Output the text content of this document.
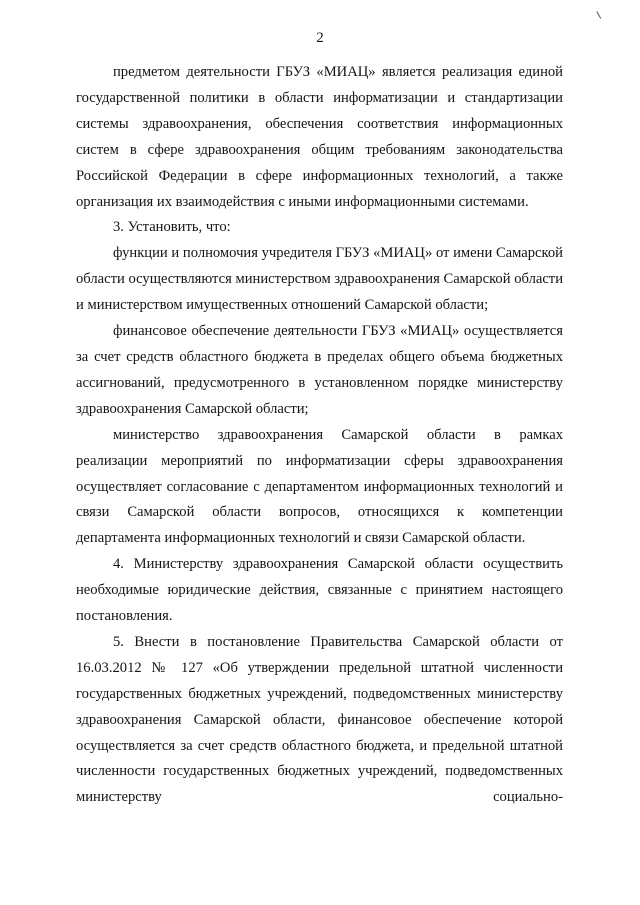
2

предметом деятельности ГБУЗ «МИАЦ» является реализация единой государственной политики в области информатизации и стандартизации системы здравоохранения, обеспечения соответствия информационных систем в сфере здравоохранения общим требованиям законодательства Российской Федерации в сфере информационных технологий, а также организация их взаимодействия с иными информационными системами.

3. Установить, что:

функции и полномочия учредителя ГБУЗ «МИАЦ» от имени Самарской области осуществляются министерством здравоохранения Самарской области и министерством имущественных отношений Самарской области;

финансовое обеспечение деятельности ГБУЗ «МИАЦ» осуществляется за счет средств областного бюджета в пределах общего объема бюджетных ассигнований, предусмотренного в установленном порядке министерству здравоохранения Самарской области;

министерство здравоохранения Самарской области в рамках реализации мероприятий по информатизации сферы здравоохранения осуществляет согласование с департаментом информационных технологий и связи Самарской области вопросов, относящихся к компетенции департамента информационных технологий и связи Самарской области.

4. Министерству здравоохранения Самарской области осуществить необходимые юридические действия, связанные с принятием настоящего постановления.

5. Внести в постановление Правительства Самарской области от 16.03.2012 № 127 «Об утверждении предельной штатной численности государственных бюджетных учреждений, подведомственных министерству здравоохранения Самарской области, финансовое обеспечение которой осуществляется за счет средств областного бюджета, и предельной штатной численности государственных бюджетных учреждений, подведомственных министерству социально-
